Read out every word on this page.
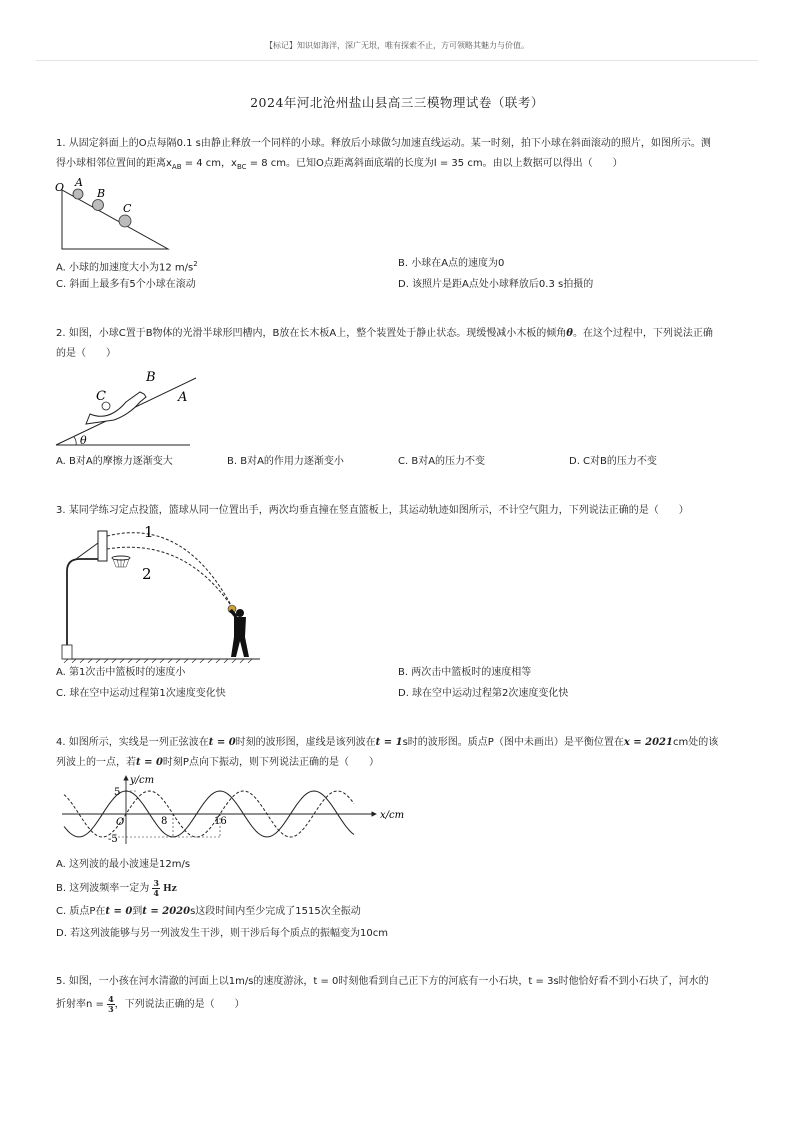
【标记】知识如海洋，深广无垠，唯有探索不止，方可领略其魅力与价值。
2024年河北沧州盐山县高三三模物理试卷（联考）
1. 从固定斜面上的O点每隔0.1 s由静止释放一个同样的小球。释放后小球做匀加速直线运动。某一时刻，拍下小球在斜面滚动的照片，如图所示。测
得小球相邻位置间的距离$x_{AB} = 4$ cm，$x_{BC} = 8$ cm。已知O点距离斜面底端的长度为l = 35 cm。由以上数据可以得出（　　）
O A
B
C
A. 小球的加速度大小为12 $m/s^2$	B. 小球在A点的速度为0
C. 斜面上最多有5个小球在滚动	D. 该照片是距A点处小球释放后0.3 s拍摄的
2. 如图，小球C置于B物体的光滑半球形凹槽内，B放在长木板A上，整个装置处于静止状态。现缓慢减小木板的倾角θ。在这个过程中，下列说法正确
的是（　　）
C
B
A
θ
A. B对A的摩擦力逐渐变大	B. B对A的作用力逐渐变小	C. B对A的压力不变	D. C对B的压力不变
3. 某同学练习定点投篮，篮球从同一位置出手，两次均垂直撞在竖直篮板上，其运动轨迹如图所示，不计空气阻力，下列说法正确的是（　　）
1
2
A. 第1次击中篮板时的速度小	B. 两次击中篮板时的速度相等
C. 球在空中运动过程第1次速度变化快	D. 球在空中运动过程第2次速度变化快
4. 如图所示，实线是一列正弦波在t = 0时刻的波形图，虚线是该列波在t = 1s时的波形图。质点P（图中未画出）是平衡位置在x = 2021cm处的该
列波上的一点，若t = 0时刻P点向下振动，则下列说法正确的是（　　）
y/cm
x/cm
5
-5
O	8	16
A. 这列波的最小波速是12m/s
B. 这列波频率一定为 $\frac{3}{4}$ Hz
C. 质点P在t = 0到t = 2020s这段时间内至少完成了1515次全振动
D. 若这列波能够与另一列波发生干涉，则干涉后每个质点的振幅变为10cm
5. 如图，一小孩在河水清澈的河面上以1m/s的速度游泳，t = 0时刻他看到自己正下方的河底有一小石块，t = 3s时他恰好看不到小石块了，河水的
折射率$n = \frac{4}{3}$ ，下列说法正确的是（　　）
